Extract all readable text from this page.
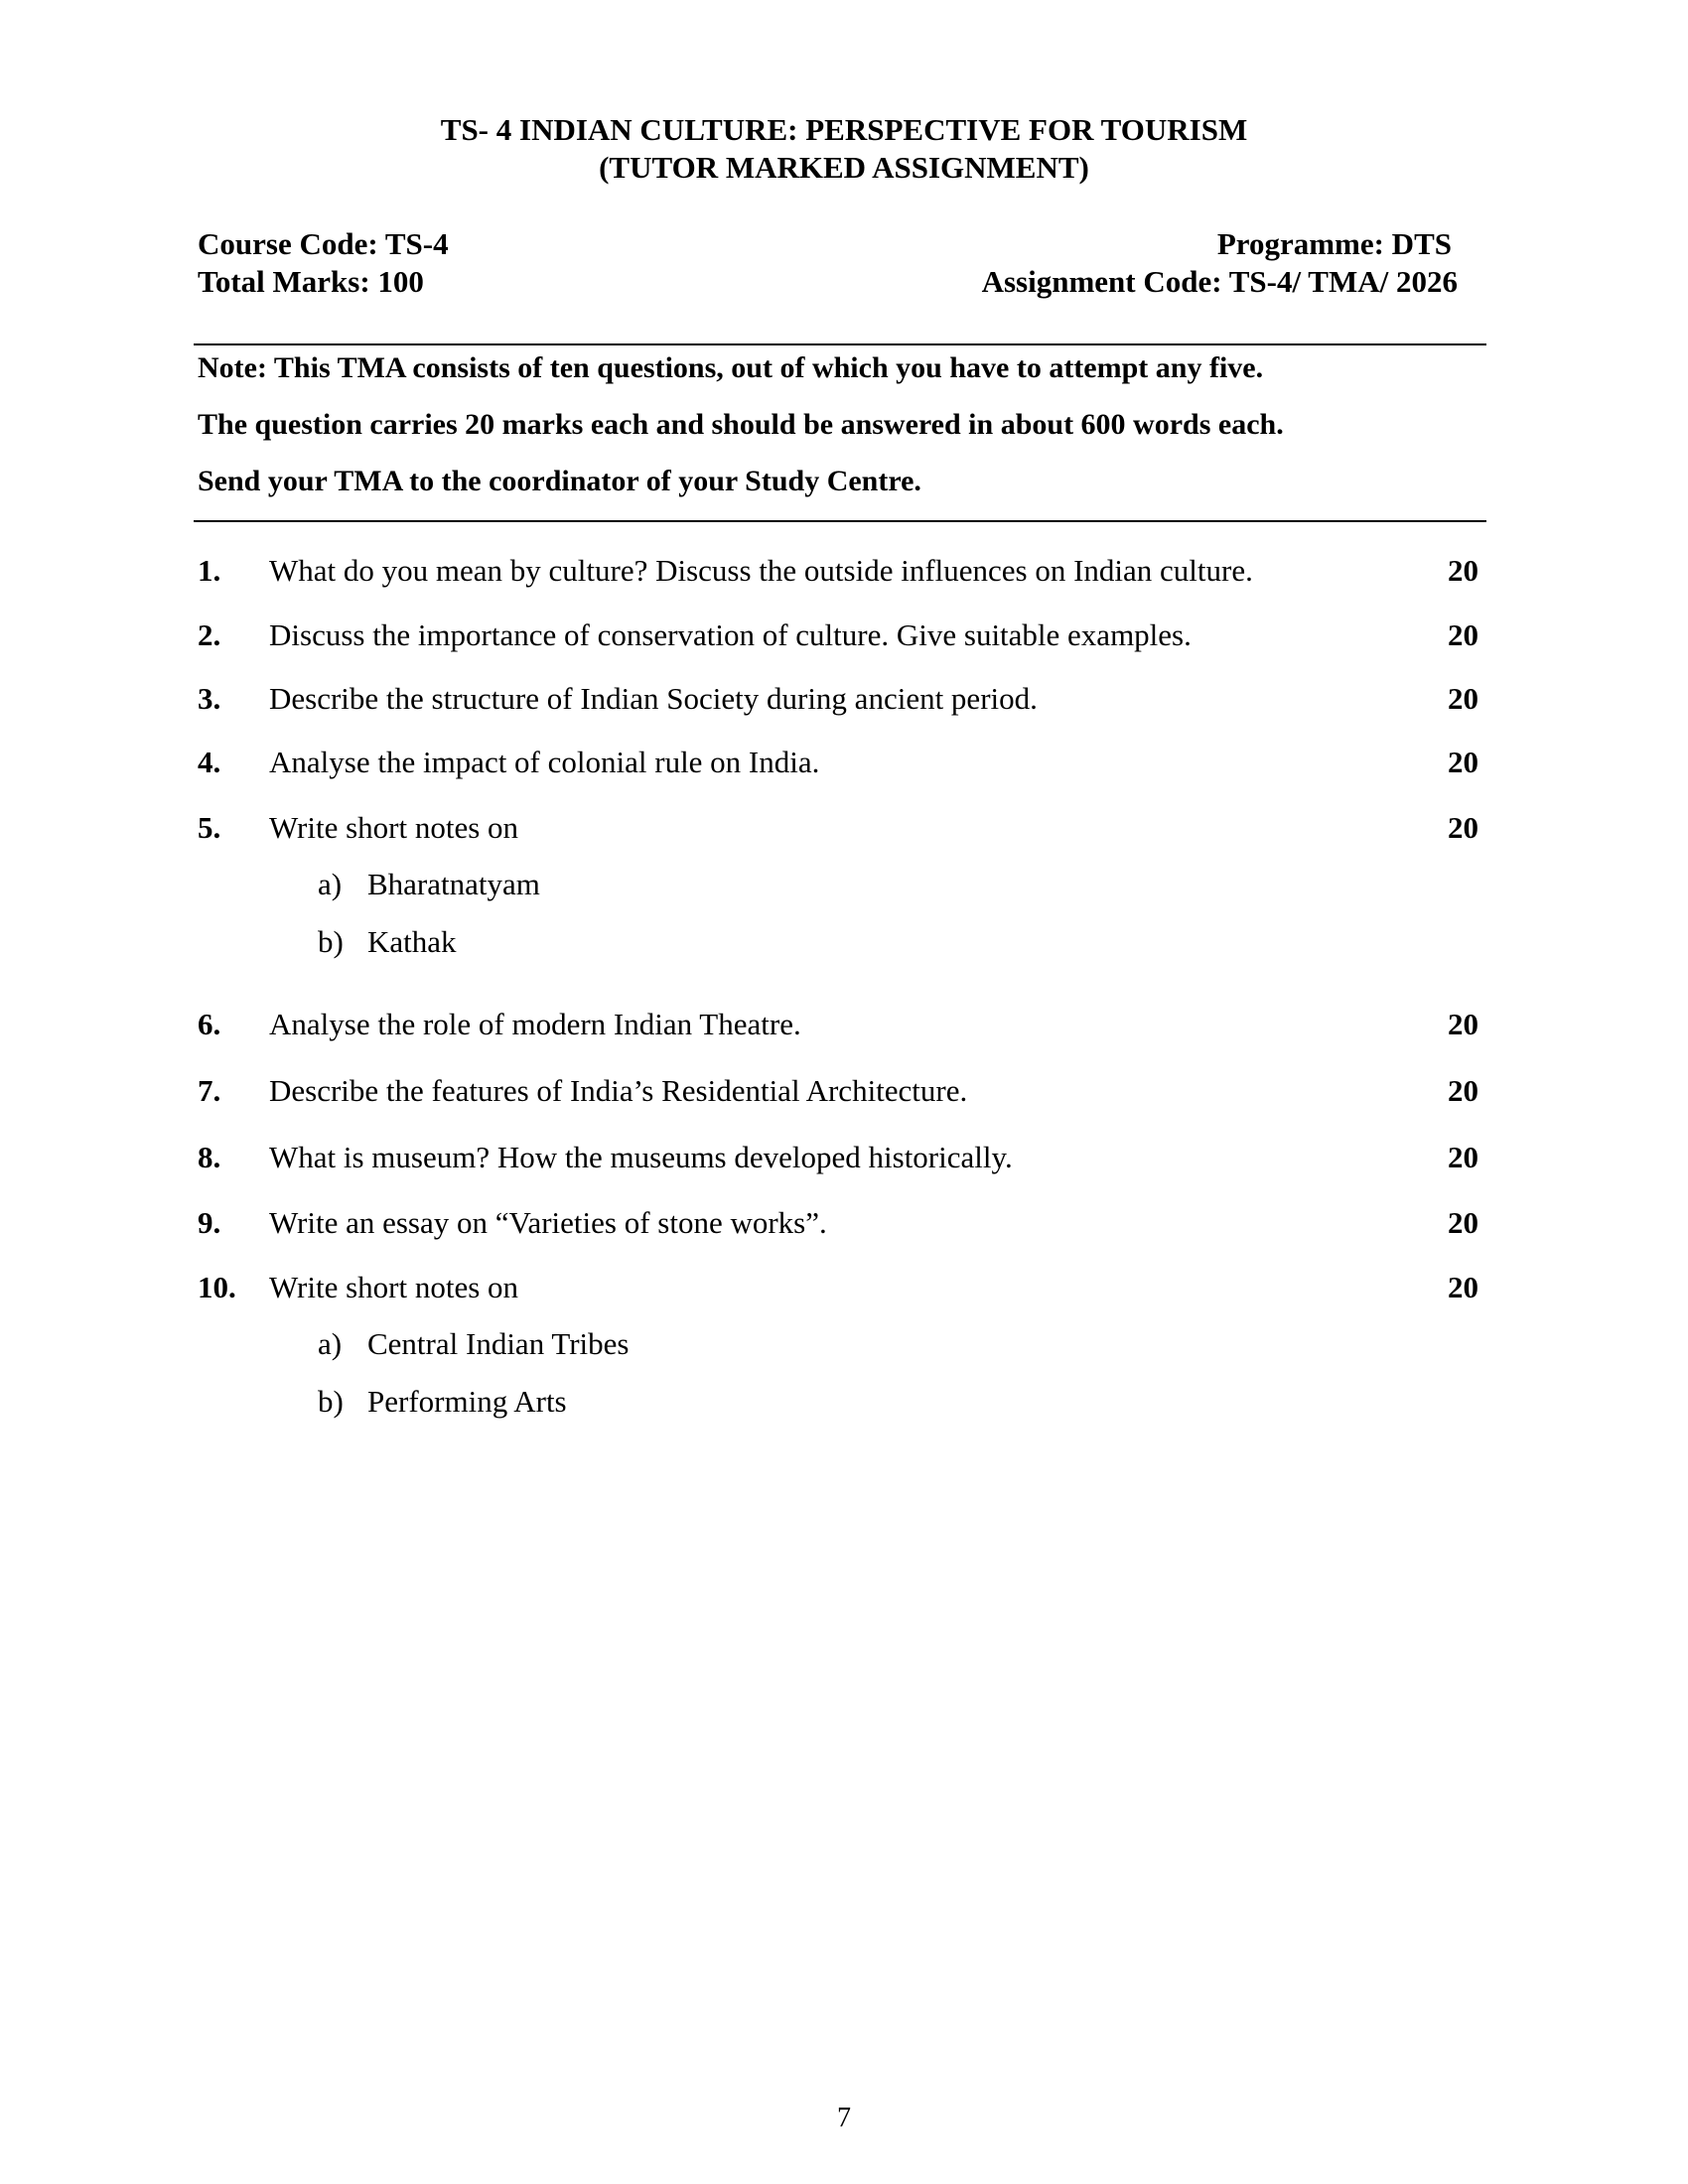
TS- 4 INDIAN CULTURE: PERSPECTIVE FOR TOURISM
(TUTOR MARKED ASSIGNMENT)
Course Code: TS-4	Programme: DTS
Total Marks: 100	Assignment Code: TS-4/ TMA/ 2026
Note: This TMA consists of ten questions, out of which you have to attempt any five.
The question carries 20 marks each and should be answered in about 600 words each.
Send your TMA to the coordinator of your Study Centre.
1. What do you mean by culture? Discuss the outside influences on Indian culture.	20
2. Discuss the importance of conservation of culture. Give suitable examples.	20
3. Describe the structure of Indian Society during ancient period.	20
4. Analyse the impact of colonial rule on India.	20
5. Write short notes on	20
a) Bharatnatyam
b) Kathak
6. Analyse the role of modern Indian Theatre.	20
7. Describe the features of India’s Residential Architecture.	20
8. What is museum? How the museums developed historically.	20
9. Write an essay on “Varieties of stone works”.	20
10. Write short notes on	20
a) Central Indian Tribes
b) Performing Arts
7
